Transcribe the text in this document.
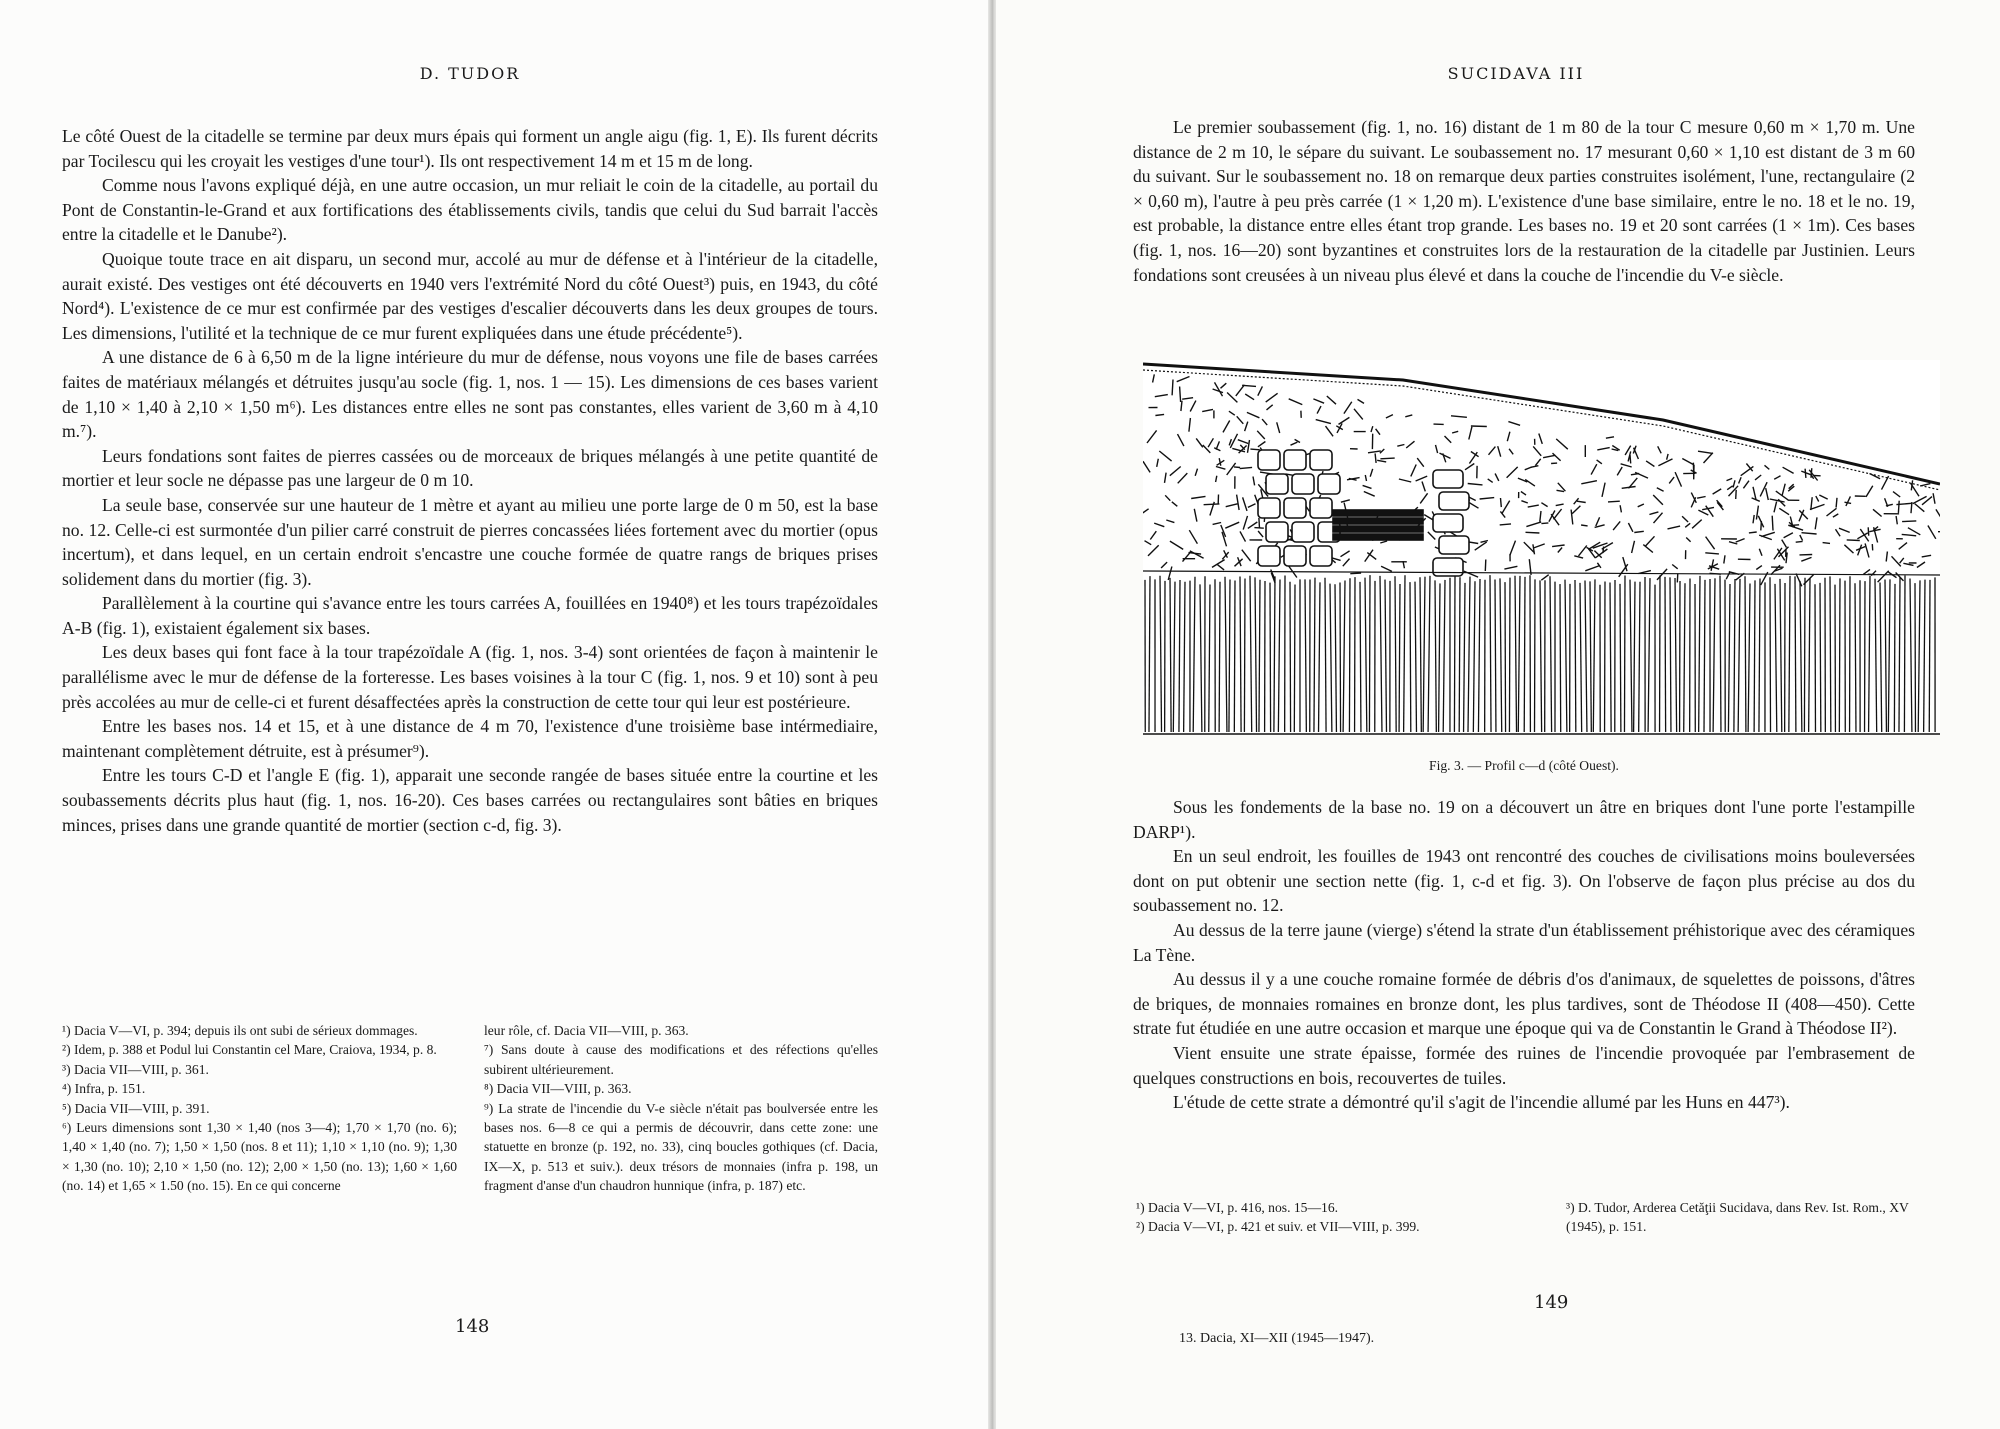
D. TUDOR

Le côté Ouest de la citadelle se termine par deux murs épais qui forment un angle aigu (fig. 1, E). Ils furent décrits par Tocilescu qui les croyait les vestiges d'une tour¹). Ils ont respectivement 14 m et 15 m de long.

Comme nous l'avons expliqué déjà, en une autre occasion, un mur reliait le coin de la citadelle, au portail du Pont de Constantin-le-Grand et aux fortifications des établissements civils, tandis que celui du Sud barrait l'accès entre la citadelle et le Danube²).

Quoique toute trace en ait disparu, un second mur, accolé au mur de défense et à l'intérieur de la citadelle, aurait existé. Des vestiges ont été découverts en 1940 vers l'extrémité Nord du côté Ouest³) puis, en 1943, du côté Nord⁴). L'existence de ce mur est confirmée par des vestiges d'escalier découverts dans les deux groupes de tours. Les dimensions, l'utilité et la technique de ce mur furent expliquées dans une étude précédente⁵).

A une distance de 6 à 6,50 m de la ligne intérieure du mur de défense, nous voyons une file de bases carrées faites de matériaux mélangés et détruites jusqu'au socle (fig. 1, nos. 1 — 15). Les dimensions de ces bases varient de 1,10 × 1,40 à 2,10 × 1,50 m⁶). Les distances entre elles ne sont pas constantes, elles varient de 3,60 m à 4,10 m.⁷).

Leurs fondations sont faites de pierres cassées ou de morceaux de briques mélangés à une petite quantité de mortier et leur socle ne dépasse pas une largeur de 0 m 10.

La seule base, conservée sur une hauteur de 1 mètre et ayant au milieu une porte large de 0 m 50, est la base no. 12. Celle-ci est surmontée d'un pilier carré construit de pierres concassées liées fortement avec du mortier (opus incertum), et dans lequel, en un certain endroit s'encastre une couche formée de quatre rangs de briques prises solidement dans du mortier (fig. 3).

Parallèlement à la courtine qui s'avance entre les tours carrées A, fouillées en 1940⁸) et les tours trapézoïdales A-B (fig. 1), existaient également six bases.

Les deux bases qui font face à la tour trapézoïdale A (fig. 1, nos. 3-4) sont orientées de façon à maintenir le parallélisme avec le mur de défense de la forteresse. Les bases voisines à la tour C (fig. 1, nos. 9 et 10) sont à peu près accolées au mur de celle-ci et furent désaffectées après la construction de cette tour qui leur est postérieure.

Entre les bases nos. 14 et 15, et à une distance de 4 m 70, l'existence d'une troisième base intérmediaire, maintenant complètement détruite, est à présumer⁹).

Entre les tours C-D et l'angle E (fig. 1), apparait une seconde rangée de bases située entre la courtine et les soubassements décrits plus haut (fig. 1, nos. 16-20). Ces bases carrées ou rectangulaires sont bâties en briques minces, prises dans une grande quantité de mortier (section c-d, fig. 3).

¹) Dacia V—VI, p. 394; depuis ils ont subi de sérieux dommages.

²) Idem, p. 388 et Podul lui Constantin cel Mare, Craiova, 1934, p. 8.

³) Dacia VII—VIII, p. 361.

⁴) Infra, p. 151.

⁵) Dacia VII—VIII, p. 391.

⁶) Leurs dimensions sont 1,30 × 1,40 (nos 3—4); 1,70 × 1,70 (no. 6); 1,40 × 1,40 (no. 7); 1,50 × 1,50 (nos. 8 et 11); 1,10 × 1,10 (no. 9); 1,30 × 1,30 (no. 10); 2,10 × 1,50 (no. 12); 2,00 × 1,50 (no. 13); 1,60 × 1,60 (no. 14) et 1,65 × 1.50 (no. 15). En ce qui concerne

leur rôle, cf. Dacia VII—VIII, p. 363.

⁷) Sans doute à cause des modifications et des réfections qu'elles subirent ultérieurement.

⁸) Dacia VII—VIII, p. 363.

⁹) La strate de l'incendie du V-e siècle n'était pas boulversée entre les bases nos. 6—8 ce qui a permis de découvrir, dans cette zone: une statuette en bronze (p. 192, no. 33), cinq boucles gothiques (cf. Dacia, IX—X, p. 513 et suiv.). deux trésors de monnaies (infra p. 198, un fragment d'anse d'un chaudron hunnique (infra, p. 187) etc.

148
SUCIDAVA III

Le premier soubassement (fig. 1, no. 16) distant de 1 m 80 de la tour C mesure 0,60 m × 1,70 m. Une distance de 2 m 10, le sépare du suivant. Le soubassement no. 17 mesurant 0,60 × 1,10 est distant de 3 m 60 du suivant. Sur le soubassement no. 18 on remarque deux parties construites isolément, l'une, rectangulaire (2 × 0,60 m), l'autre à peu près carrée (1 × 1,20 m). L'existence d'une base similaire, entre le no. 18 et le no. 19, est probable, la distance entre elles étant trop grande. Les bases no. 19 et 20 sont carrées (1 × 1m). Ces bases (fig. 1, nos. 16—20) sont byzantines et construites lors de la restauration de la citadelle par Justinien. Leurs fondations sont creusées à un niveau plus élevé et dans la couche de l'incendie du V-e siècle.

Fig. 3. — Profil c—d (côté Ouest).

Sous les fondements de la base no. 19 on a découvert un âtre en briques dont l'une porte l'estampille DARP¹).

En un seul endroit, les fouilles de 1943 ont rencontré des couches de civilisations moins bouleversées dont on put obtenir une section nette (fig. 1, c-d et fig. 3). On l'observe de façon plus précise au dos du soubassement no. 12.

Au dessus de la terre jaune (vierge) s'étend la strate d'un établissement préhistorique avec des céramiques La Tène.

Au dessus il y a une couche romaine formée de débris d'os d'animaux, de squelettes de poissons, d'âtres de briques, de monnaies romaines en bronze dont, les plus tardives, sont de Théodose II (408—450). Cette strate fut étudiée en une autre occasion et marque une époque qui va de Constantin le Grand à Théodose II²).

Vient ensuite une strate épaisse, formée des ruines de l'incendie provoquée par l'embrasement de quelques constructions en bois, recouvertes de tuiles.

L'étude de cette strate a démontré qu'il s'agit de l'incendie allumé par les Huns en 447³).

¹) Dacia V—VI, p. 416, nos. 15—16.

²) Dacia V—VI, p. 421 et suiv. et VII—VIII, p. 399.

³) D. Tudor, Arderea Cetăţii Sucidava, dans Rev. Ist. Rom., XV (1945), p. 151.

149
13. Dacia, XI—XII (1945—1947).
